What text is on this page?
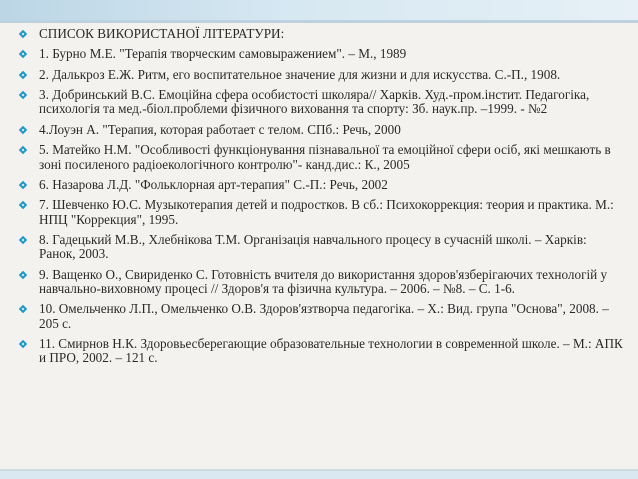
СПИСОК ВИКОРИСТАНОЇ ЛІТЕРАТУРИ:
1. Бурно М.Е. "Терапія творческим самовыражением". – М., 1989
2. Далькроз Е.Ж. Ритм, его воспитательное значение для жизни и для искусства. С.-П., 1908.
3. Добринський В.С. Емоційна сфера особистості школяра// Харків. Худ.-пром.інстит. Педагогіка, психологія та мед.-біол.проблеми фізичного виховання та спорту: Зб. наук.пр. –1999. - №2
4.Лоуэн А. "Терапия, которая работает с телом. СПб.: Речь, 2000
5. Матейко Н.М. "Особливості функціонування пізнавальної та емоційної сфери осіб, які мешкають в зоні посиленого радіоекологічного контролю"- канд.дис.: К., 2005
6. Назарова Л.Д. "Фольклорная арт-терапия" С.-П.: Речь, 2002
7. Шевченко Ю.С. Музыкотерапия детей и подростков. В сб.: Психокоррекция: теория и практика. М.: НПЦ "Коррекция", 1995.
8. Гадецький М.В., Хлебнікова Т.М. Організація навчального процесу в сучасній школі. – Харків: Ранок, 2003.
9. Ващенко О., Свириденко С. Готовність вчителя до використання здоров'язберігаючих технологій у навчально-виховному процесі // Здоров'я та фізична культура. – 2006. – №8. – С. 1-6.
10. Омельченко Л.П., Омельченко О.В. Здоров'язтворча педагогіка. – Х.: Вид. група "Основа", 2008. – 205 с.
11. Смирнов Н.К. Здоровьесберегающие образовательные технологии в современной школе. – М.: АПК и ПРО, 2002. – 121 с.
